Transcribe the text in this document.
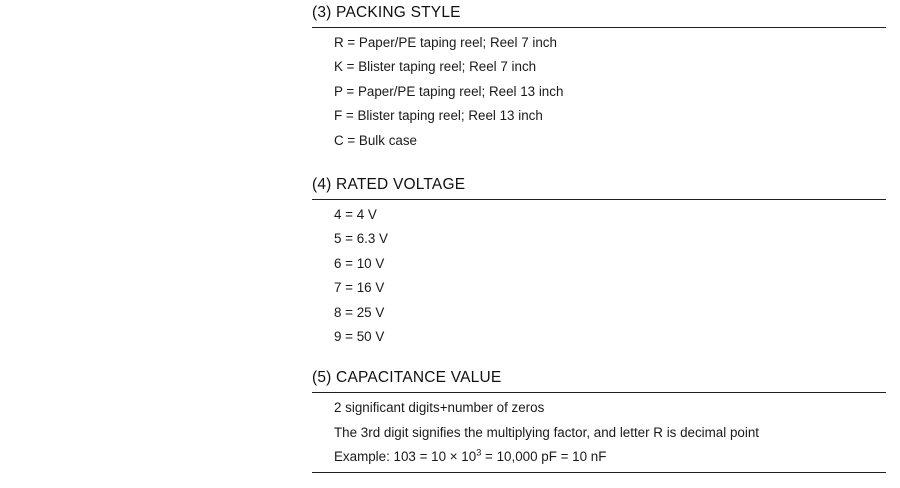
(3) PACKING STYLE
R = Paper/PE taping reel; Reel 7 inch
K = Blister taping reel; Reel 7 inch
P = Paper/PE taping reel; Reel 13 inch
F = Blister taping reel; Reel 13 inch
C = Bulk case
(4) RATED VOLTAGE
4 = 4 V
5 = 6.3 V
6 = 10 V
7 = 16 V
8 = 25 V
9 = 50 V
(5) CAPACITANCE VALUE
2 significant digits+number of zeros
The 3rd digit signifies the multiplying factor, and letter R is decimal point
Example: $103 = 10 \times 10^3 = 10,000$ pF = 10 nF
